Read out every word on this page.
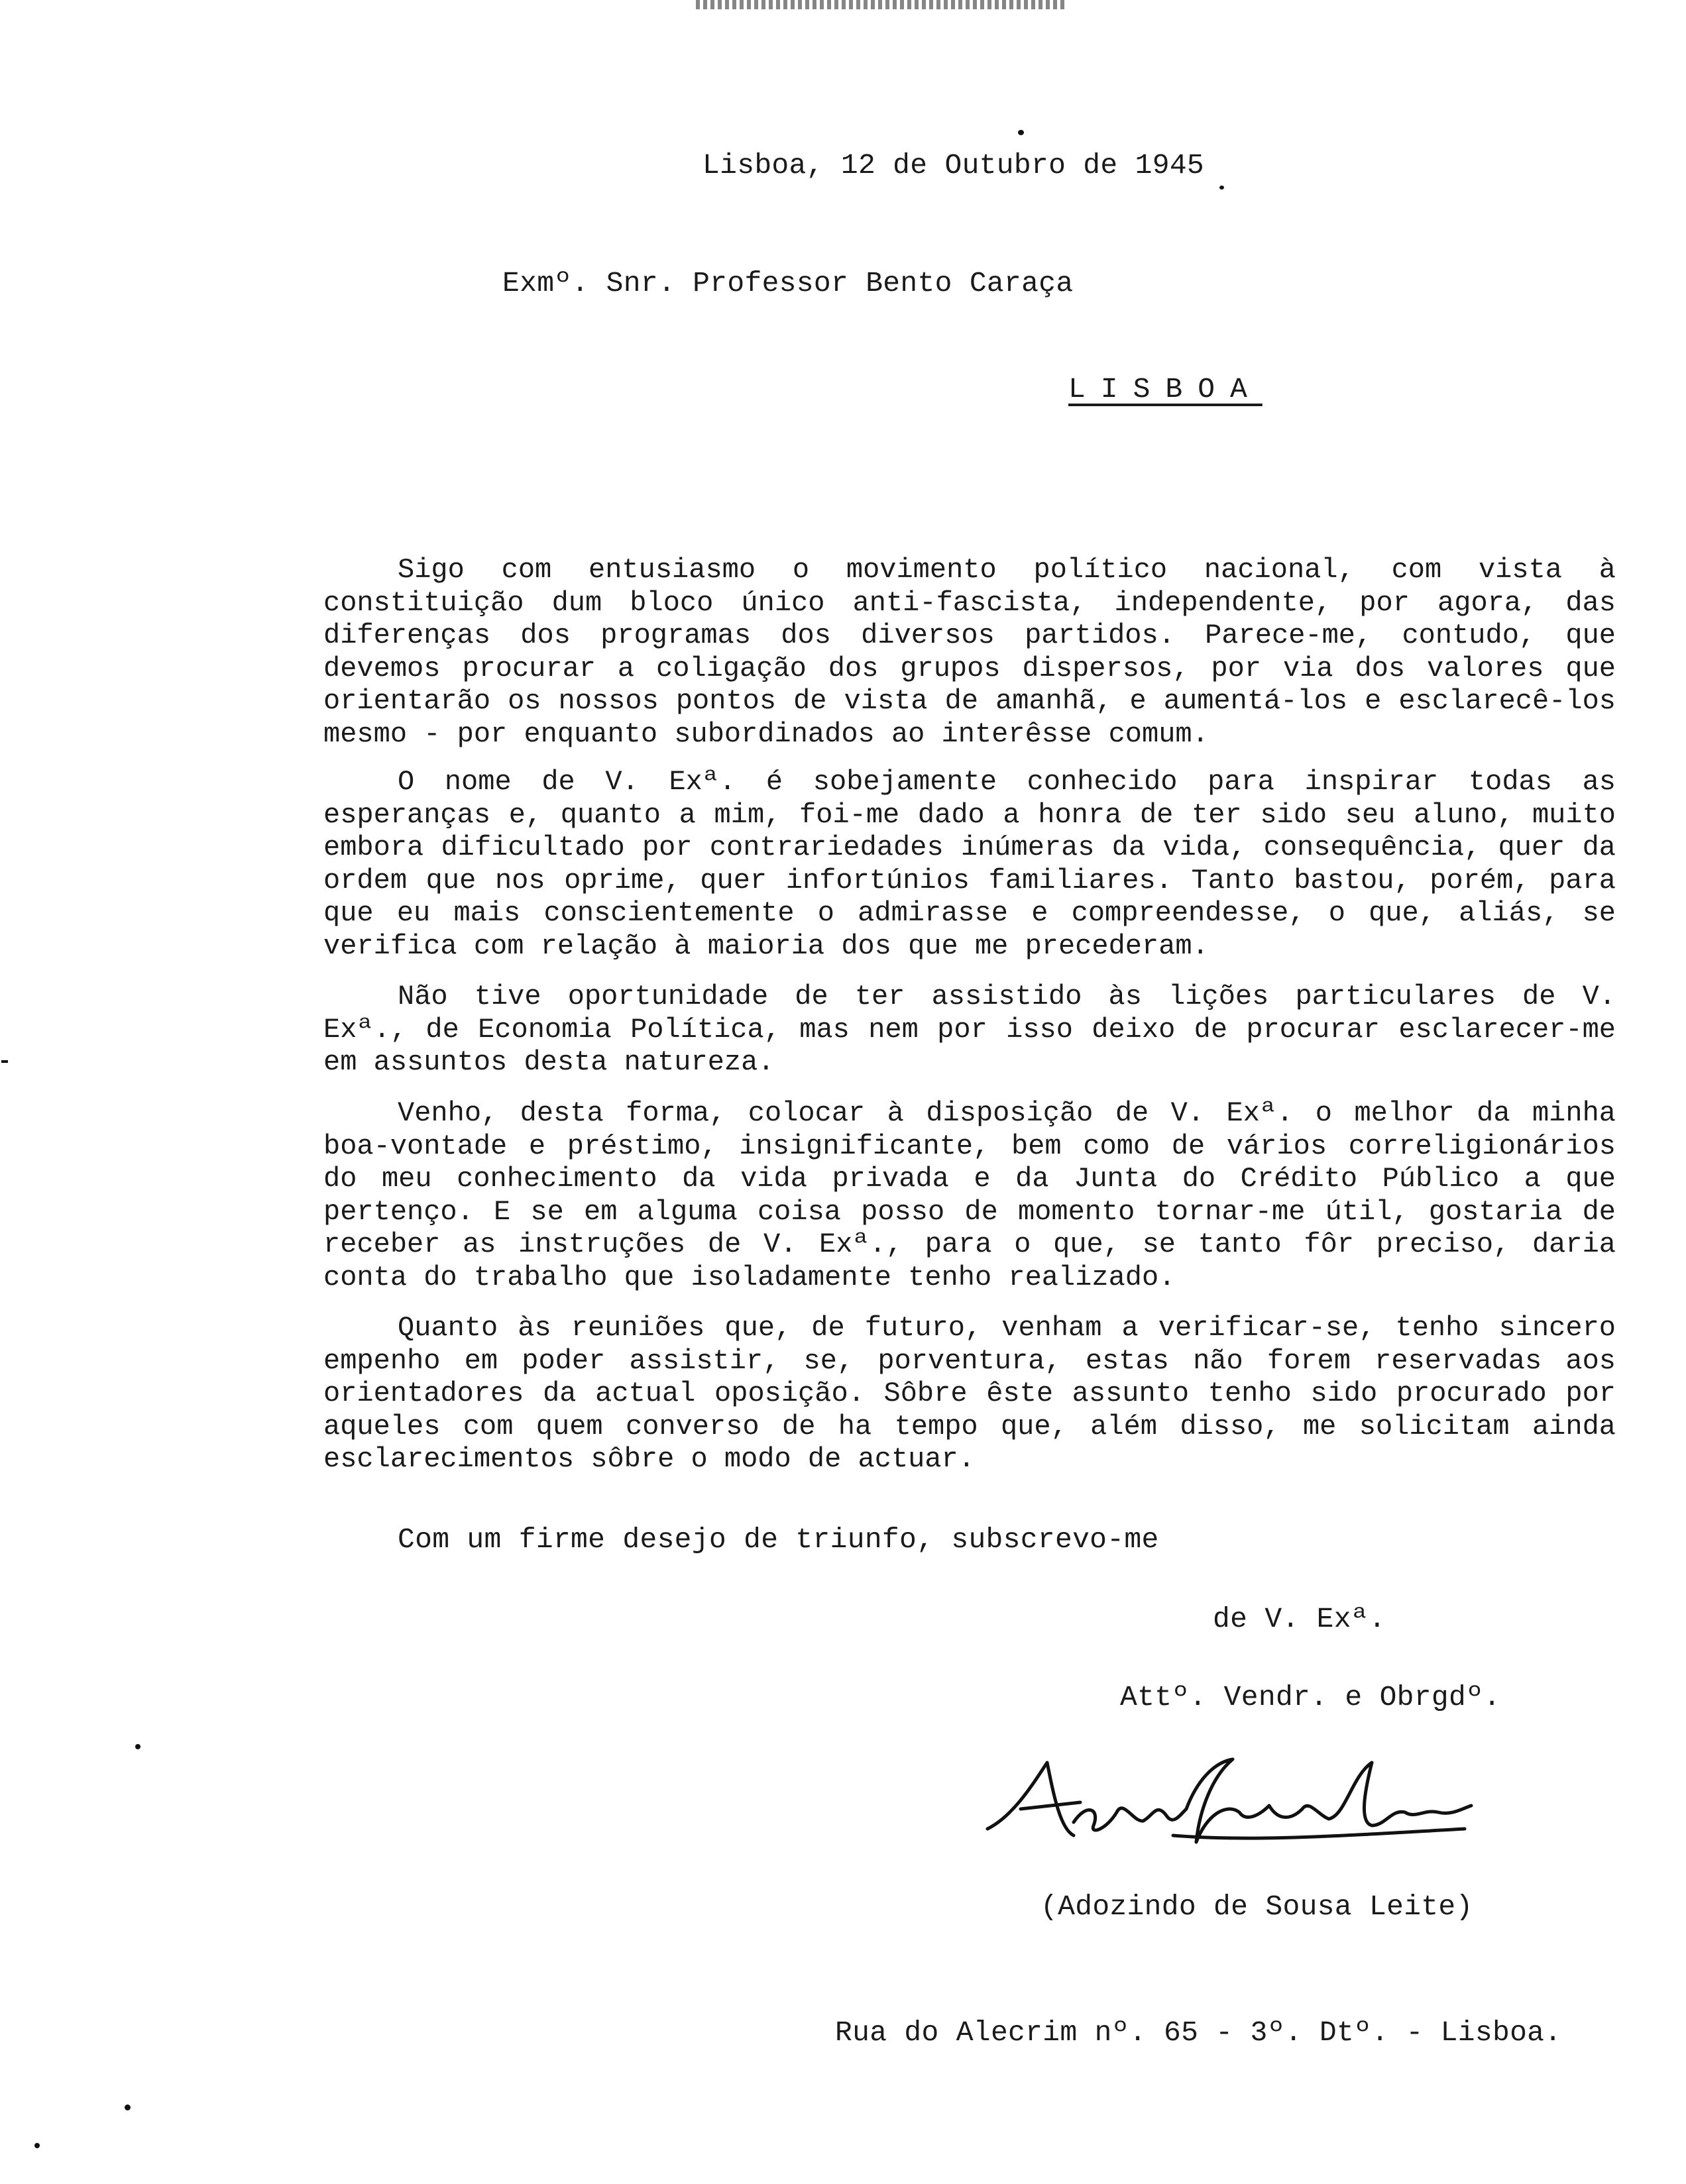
Lisboa, 12 de Outubro de 1945
Exmº. Snr. Professor Bento Caraça
LISBOA

Sigo com entusiasmo o movimento político nacional, com vista à constituição dum bloco único anti-fascista, independente, por agora, das diferenças dos programas dos diversos partidos. Parece-me, contudo, que devemos procurar a coligação dos grupos dispersos, por via dos valores que orientarão os nossos pontos de vista de amanhã, e aumentá-los e esclarecê-los mesmo - por enquanto subordinados ao interêsse comum.

O nome de V. Exª. é sobejamente conhecido para inspirar todas as esperanças e, quanto a mim, foi-me dado a honra de ter sido seu aluno, muito embora dificultado por contrariedades inúmeras da vida, consequência, quer da ordem que nos oprime, quer infortúnios familiares. Tanto bastou, porém, para que eu mais conscientemente o admirasse e compreendesse, o que, aliás, se verifica com relação à maioria dos que me precederam.

Não tive oportunidade de ter assistido às lições particulares de V. Exª., de Economia Política, mas nem por isso deixo de procurar esclarecer-me em assuntos desta natureza.

Venho, desta forma, colocar à disposição de V. Exª. o melhor da minha boa-vontade e préstimo, insignificante, bem como de vários correligionários do meu conhecimento da vida privada e da Junta do Crédito Público a que pertenço. E se em alguma coisa posso de momento tornar-me útil, gostaria de receber as instruções de V. Exª., para o que, se tanto fôr preciso, daria conta do trabalho que isoladamente tenho realizado.

Quanto às reuniões que, de futuro, venham a verificar-se, tenho sincero empenho em poder assistir, se, porventura, estas não forem reservadas aos orientadores da actual oposição. Sôbre êste assunto tenho sido procurado por aqueles com quem converso de ha tempo que, além disso, me solicitam ainda esclarecimentos sôbre o modo de actuar.

Com um firme desejo de triunfo, subscrevo-me
de V. Exª.
Attº. Vendr. e Obrgdº.
(Adozindo de Sousa Leite)
Rua do Alecrim nº. 65 - 3º. Dtº. - Lisboa.
